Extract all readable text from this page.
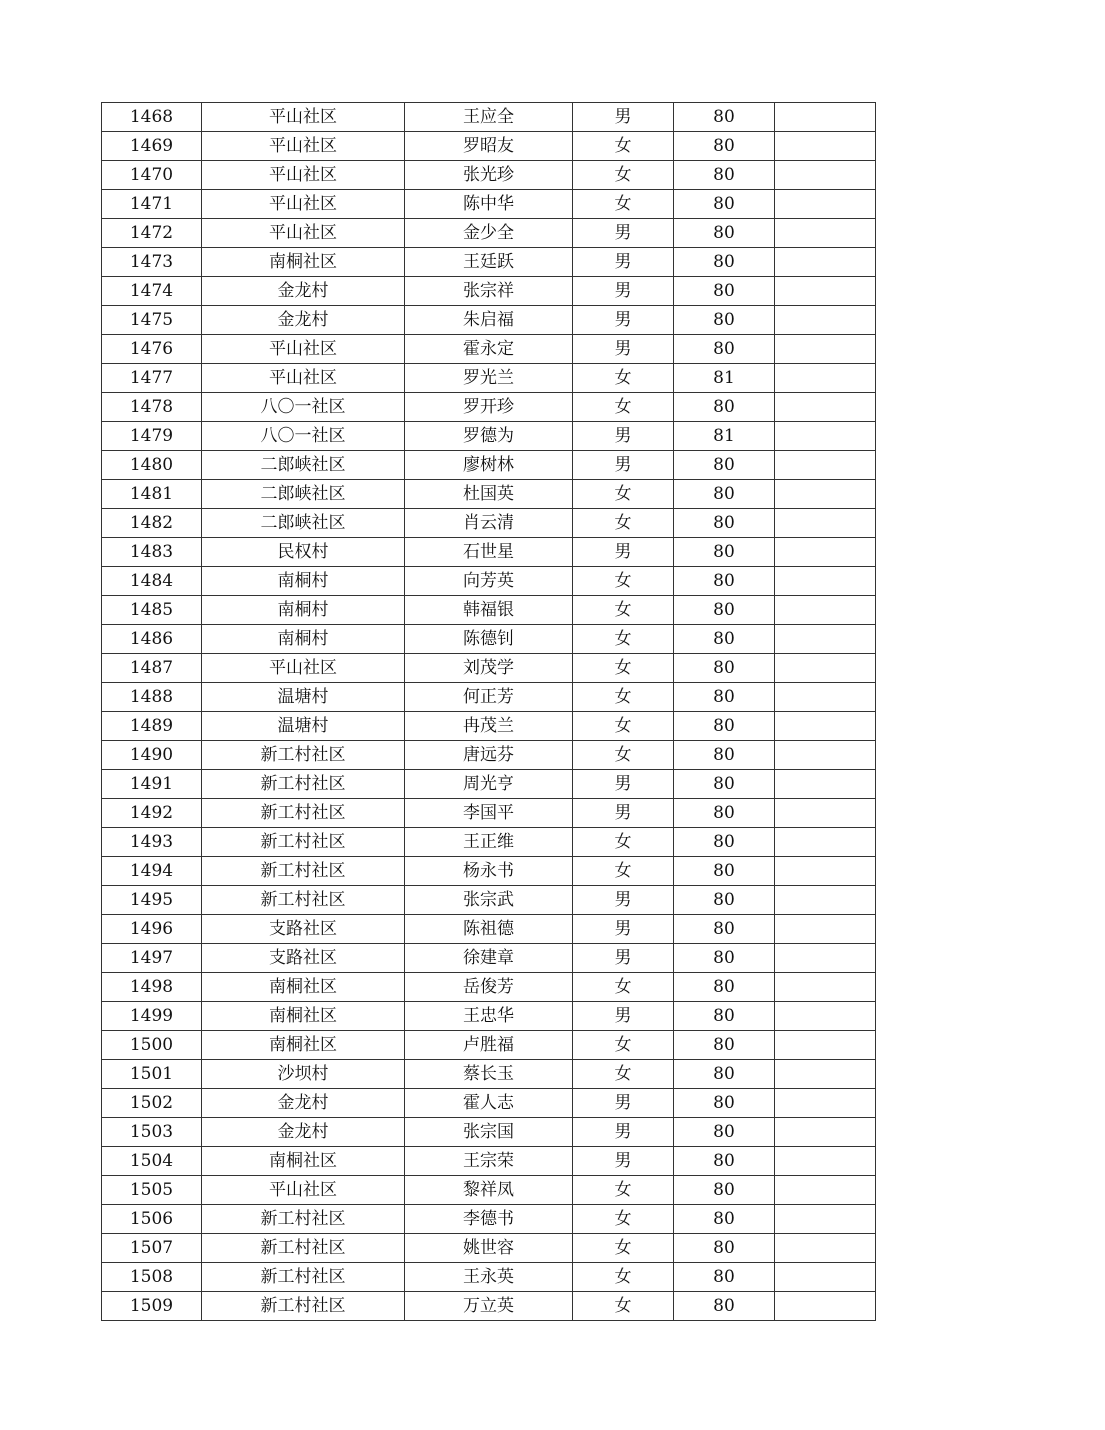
1468	平山社区	王应全	男	80	
1469	平山社区	罗昭友	女	80	
1470	平山社区	张光珍	女	80	
1471	平山社区	陈中华	女	80	
1472	平山社区	金少全	男	80	
1473	南桐社区	王廷跃	男	80	
1474	金龙村	张宗祥	男	80	
1475	金龙村	朱启福	男	80	
1476	平山社区	霍永定	男	80	
1477	平山社区	罗光兰	女	81	
1478	八〇一社区	罗开珍	女	80	
1479	八〇一社区	罗德为	男	81	
1480	二郎峡社区	廖树林	男	80	
1481	二郎峡社区	杜国英	女	80	
1482	二郎峡社区	肖云清	女	80	
1483	民权村	石世星	男	80	
1484	南桐村	向芳英	女	80	
1485	南桐村	韩福银	女	80	
1486	南桐村	陈德钊	女	80	
1487	平山社区	刘茂学	女	80	
1488	温塘村	何正芳	女	80	
1489	温塘村	冉茂兰	女	80	
1490	新工村社区	唐远芬	女	80	
1491	新工村社区	周光亨	男	80	
1492	新工村社区	李国平	男	80	
1493	新工村社区	王正维	女	80	
1494	新工村社区	杨永书	女	80	
1495	新工村社区	张宗武	男	80	
1496	支路社区	陈祖德	男	80	
1497	支路社区	徐建章	男	80	
1498	南桐社区	岳俊芳	女	80	
1499	南桐社区	王忠华	男	80	
1500	南桐社区	卢胜福	女	80	
1501	沙坝村	蔡长玉	女	80	
1502	金龙村	霍人志	男	80	
1503	金龙村	张宗国	男	80	
1504	南桐社区	王宗荣	男	80	
1505	平山社区	黎祥凤	女	80	
1506	新工村社区	李德书	女	80	
1507	新工村社区	姚世容	女	80	
1508	新工村社区	王永英	女	80	
1509	新工村社区	万立英	女	80	
